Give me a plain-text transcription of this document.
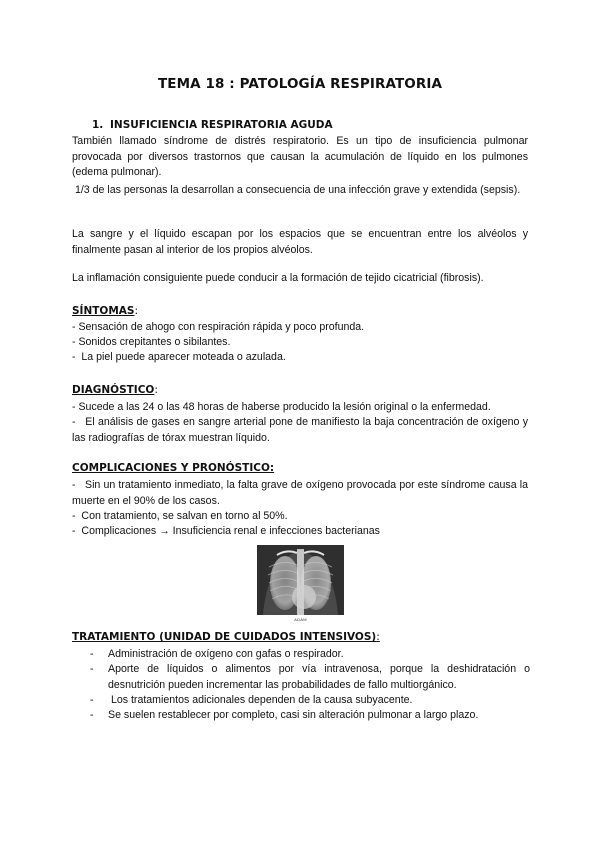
TEMA 18 : PATOLOGÍA RESPIRATORIA
1. INSUFICIENCIA RESPIRATORIA AGUDA
También llamado síndrome de distrés respiratorio. Es un tipo de insuficiencia pulmonar provocada por diversos trastornos que causan la acumulación de líquido en los pulmones (edema pulmonar).
1/3 de las personas la desarrollan a consecuencia de una infección grave y extendida (sepsis).
La sangre y el líquido escapan por los espacios que se encuentran entre los alvéolos y finalmente pasan al interior de los propios alvéolos.
La inflamación consiguiente puede conducir a la formación de tejido cicatricial (fibrosis).
SÍNTOMAS:
- Sensación de ahogo con respiración rápida y poco profunda.
- Sonidos crepitantes o sibilantes.
-  La piel puede aparecer moteada o azulada.
DIAGNÓSTICO:
- Sucede a las 24 o las 48 horas de haberse producido la lesión original o la enfermedad.
-   El análisis de gases en sangre arterial pone de manifiesto la baja concentración de oxígeno y las radiografías de tórax muestran líquido.
COMPLICACIONES Y PRONÓSTICO:
-   Sin un tratamiento inmediato, la falta grave de oxígeno provocada por este síndrome causa la muerte en el 90% de los casos.
-  Con tratamiento, se salvan en torno al 50%.
-  Complicaciones → Insuficiencia renal e infecciones bacterianas
ADAM
TRATAMIENTO (UNIDAD DE CUIDADOS INTENSIVOS):
- Administración de oxígeno con gafas o respirador.
- Aporte de líquidos o alimentos por vía intravenosa, porque la deshidratación o desnutrición pueden incrementar las probabilidades de fallo multiorgánico.
- Los tratamientos adicionales dependen de la causa subyacente.
- Se suelen restablecer por completo, casi sin alteración pulmonar a largo plazo.
